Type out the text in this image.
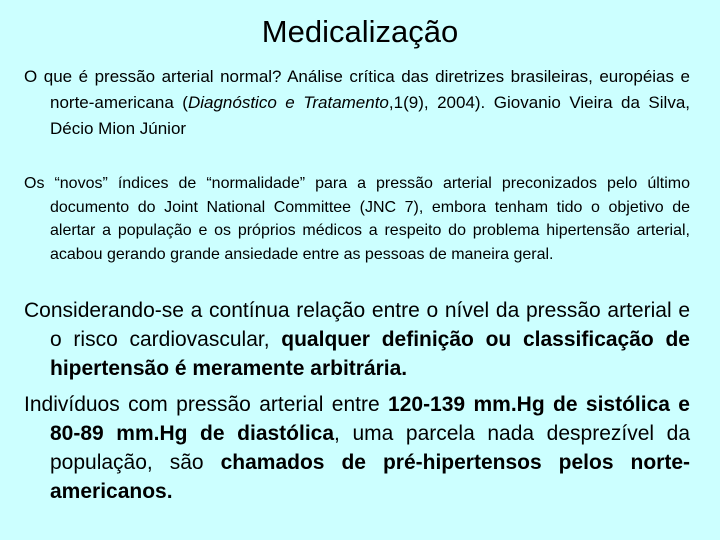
Medicalização
O que é pressão arterial normal? Análise crítica das diretrizes brasileiras, européias e norte-americana (Diagnóstico e Tratamento,1(9), 2004). Giovanio Vieira da Silva, Décio Mion Júnior
Os “novos” índices de “normalidade” para a pressão arterial preconizados pelo último documento do Joint National Committee (JNC 7), embora tenham tido o objetivo de alertar a população e os próprios médicos a respeito do problema hipertensão arterial, acabou gerando grande ansiedade entre as pessoas de maneira geral.
Considerando-se a contínua relação entre o nível da pressão arterial e o risco cardiovascular, qualquer definição ou classificação de hipertensão é meramente arbitrária.
Indivíduos com pressão arterial entre 120-139 mm.Hg de sistólica e 80-89 mm.Hg de diastólica, uma parcela nada desprezível da população, são chamados de pré-hipertensos pelos norte-americanos.
